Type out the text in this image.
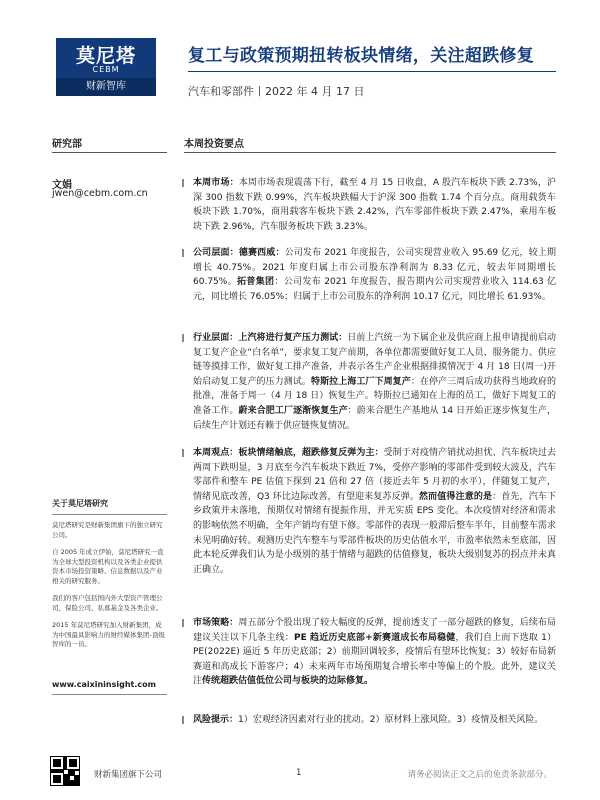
莫尼塔
CEBM
财新智库
复工与政策预期扭转板块情绪，关注超跌修复
汽车和零部件丨2022 年 4 月 17 日
研究部	本周投资要点
文娟
jwen@cebm.com.cn
关于莫尼塔研究

莫尼塔研究是财新集团旗下的独立研究公司。

自 2005 年成立伊始，莫尼塔研究一直为全球大型投资机构以及各类企业提供资本市场投资策略、信息数据以及产业相关的研究服务。

我们的客户包括国内外大型资产管理公司、保险公司、私募基金及各类企业。

2015 年莫尼塔研究加入财新集团，成为中国最具影响力的财经媒体集团-顶级智库的一员。

www.caixininsight.com
本周市场：本周市场表现震荡下行，截至 4 月 15 日收盘，A 股汽车板块下跌 2.73%，沪深 300 指数下跌 0.99%，汽车板块跌幅大于沪深 300 指数 1.74 个百分点。商用载货车板块下跌 1.70%，商用载客车板块下跌 2.42%，汽车零部件板块下跌 2.47%，乘用车板块下跌 2.96%，汽车服务板块下跌 3.23%。
公司层面：德赛西威：公司发布 2021 年度报告，公司实现营业收入 95.69 亿元，较上期增长 40.75%。2021 年度归属上市公司股东净利润为 8.33 亿元，较去年同期增长 60.75%。拓普集团：公司发布 2021 年度报告，报告期内公司实现营业收入 114.63 亿元，同比增长 76.05%；归属于上市公司股东的净利润 10.17 亿元，同比增长 61.93%。
行业层面：上汽将进行复产压力测试：日前上汽统一为下属企业及供应商上报申请提前启动复工复产企业“白名单”，要求复工复产前期，各单位都需要做好复工人员、服务能力、供应链等摸排工作，做好复工排产准备，并表示各生产企业根据排摸情况于 4 月 18 日(周一)开始启动复工复产的压力测试。特斯拉上海工厂下周复产：在停产三周后成功获得当地政府的批准，准备于周一（4 月 18 日）恢复生产。特斯拉已通知在上海的员工，做好下周复工的准备工作。蔚来合肥工厂逐渐恢复生产：蔚来合肥生产基地从 14 日开始正逐步恢复生产，后续生产计划还有赖于供应链恢复情况。
本周观点：板块情绪触底，超跌修复反弹为主：受制于对疫情产销扰动担忧、汽车板块过去两周下跌明显，3 月底至今汽车板块下跌近 7%，受停产影响的零部件受到较大波及，汽车零部件和整车 PE 估值下探到 21 倍和 27 倍（接近去年 5 月初的水平），伴随复工复产，情绪见底改善，Q3 环比边际改善，有望迎来复苏反弹。然而值得注意的是：首先，汽车下乡政策并未落地，预期仅对情绪有提振作用，并无实质 EPS 变化。本次疫情对经济和需求的影响依然不明确，全年产销均有望下修。零部件的表现一般滞后整车半年，目前整车需求未见明确好转。观测历史汽车整车与零部件板块的历史估值水平，市盈率依然未至底部，因此本轮反弹我们认为是小级别的基于情绪与超跌的估值修复，板块大级别复苏的拐点并未真正确立。
市场策略：周五部分个股出现了较大幅度的反弹，提前透支了一部分超跌的修复，后续布局建议关注以下几条主线：PE 趋近历史底部+新赛道成长布局稳健，我们自上而下选取 1）PE(2022E) 逼近 5 年历史底部；2）前期回调较多，疫情后有望环比恢复；3）较好布局新赛道和高成长下游客户；4）未来两年市场预期复合增长率中等偏上的个股。此外，建议关注传统超跌估值低位公司与板块的边际修复。
风险提示：1）宏观经济因素对行业的扰动。2）原材料上涨风险。3）疫情及相关风险。
财新集团旗下公司	1	请务必阅读正文之后的免责条款部分。
